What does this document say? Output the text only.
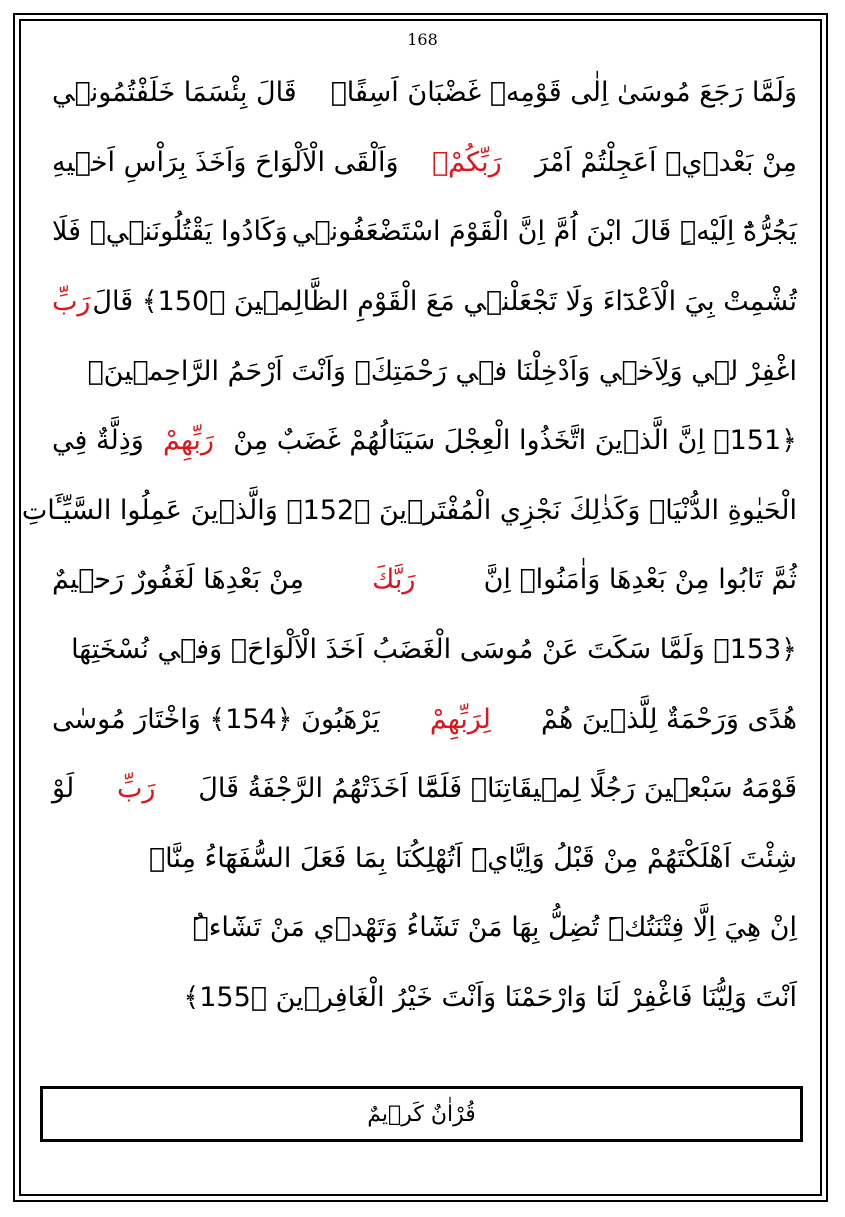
168
وَلَمَّا رَجَعَ مُوسَىٰ اِلٰى قَوْمِهٖ غَضْبَانَ اَسِفًاۙ
قَالَ بِئْسَمَا خَلَفْتُمُونٖي
مِنْ بَعْدٖيۚ اَعَجِلْتُمْ اَمْرَ
رَبِّكُمْۚ
وَاَلْقَى الْاَلْوَاحَ وَاَخَذَ بِرَاْسِ اَخٖيهِ
يَجُرُّهُٓ اِلَيْهِۜ قَالَ ابْنَ اُمَّ اِنَّ الْقَوْمَ اسْتَضْعَفُونٖي
وَكَادُوا يَقْتُلُونَنٖيۘ فَلَا
تُشْمِتْ بِيَ الْاَعْدَٓاءَ وَلَا تَجْعَلْنٖي مَعَ الْقَوْمِ الظَّالِمٖينَ ﴿150﴾ قَالَ
رَبِّ
اغْفِرْ لٖي وَلِاَخٖي وَاَدْخِلْنَا فٖي رَحْمَتِكَۘ وَاَنْتَ اَرْحَمُ الرَّاحِمٖينَۖ
﴿151﴾ اِنَّ الَّذٖينَ اتَّخَذُوا الْعِجْلَ سَيَنَالُهُمْ غَضَبٌ مِنْ
رَبِّهِمْ
وَذِلَّةٌ فِي
الْحَيٰوةِ الدُّنْيَاۜ وَكَذٰلِكَ نَجْزِي الْمُفْتَرٖينَ ﴿152﴾ وَالَّذٖينَ عَمِلُوا السَّيِّـَٔاتِ
ثُمَّ تَابُوا مِنْ بَعْدِهَا وَاٰمَنُواۘ اِنَّ
رَبَّكَ
مِنْ بَعْدِهَا لَغَفُورٌ رَحٖيمٌ
﴿153﴾ وَلَمَّا سَكَتَ عَنْ مُوسَى الْغَضَبُ اَخَذَ الْاَلْوَاحَۚ وَفٖي نُسْخَتِهَا
هُدًى وَرَحْمَةٌ لِلَّذٖينَ هُمْ
لِرَبِّهِمْ
يَرْهَبُونَ ﴿154﴾ وَاخْتَارَ مُوسٰى
قَوْمَهُ سَبْعٖينَ رَجُلًا لِمٖيقَاتِنَاۚ فَلَمَّٓا اَخَذَتْهُمُ الرَّجْفَةُ قَالَ
رَبِّ
لَوْ
شِئْتَ اَهْلَكْتَهُمْ مِنْ قَبْلُ وَاِيَّايَۜ اَتُهْلِكُنَا بِمَا فَعَلَ السُّفَهَٓاءُ مِنَّاۚ
اِنْ هِيَ اِلَّا فِتْنَتُكَۜ تُضِلُّ بِهَا مَنْ تَشَٓاءُ وَتَهْدٖي مَنْ تَشَٓاءُۜ
اَنْتَ وَلِيُّنَا فَاغْفِرْ لَنَا وَارْحَمْنَا وَاَنْتَ خَيْرُ الْغَافِرٖينَ ﴿155﴾
قُرْاٰنٌ كَرٖيمٌ
